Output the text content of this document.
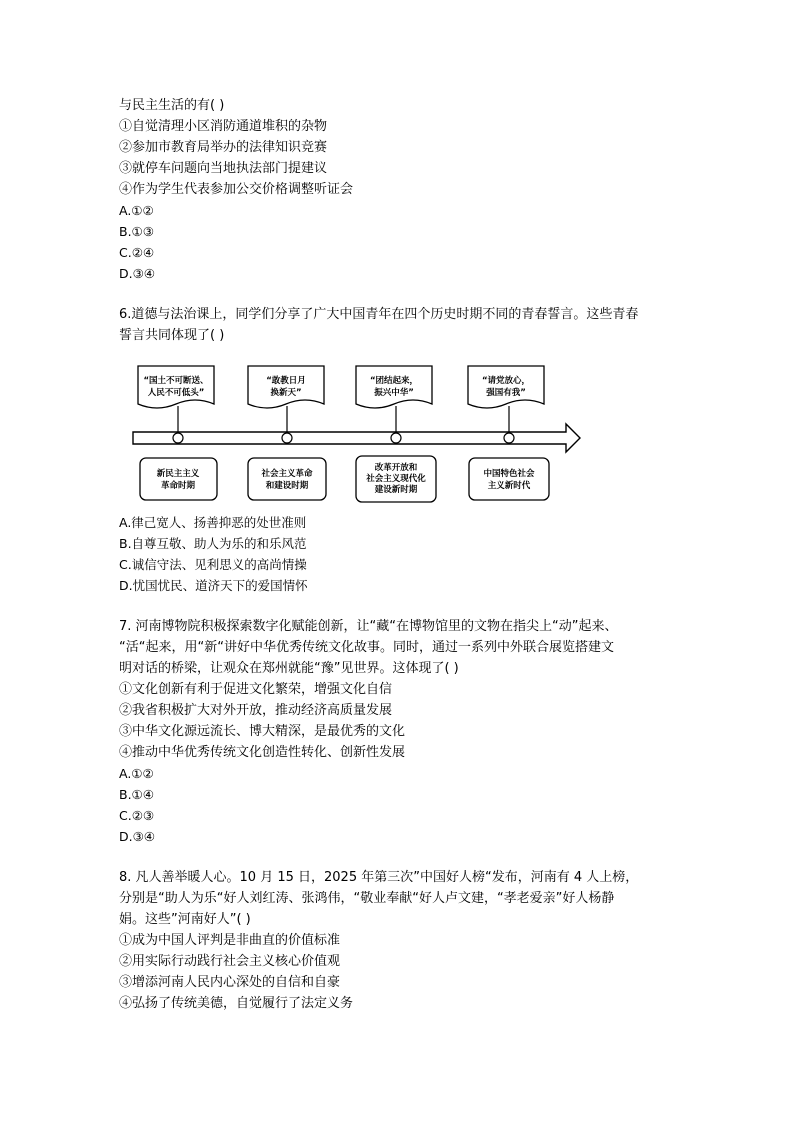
与民主生活的有( )
①自觉清理小区消防通道堆积的杂物
②参加市教育局举办的法律知识竞赛
③就停车问题向当地执法部门提建议
④作为学生代表参加公交价格调整听证会
A.①②
B.①③
C.②④
D.③④
6.道德与法治课上，同学们分享了广大中国青年在四个历史时期不同的青春誓言。这些青春
誓言共同体现了( )
“国土不可断送、
人民不可低头”
“敢教日月
换新天”
“团结起来，
振兴中华”
“请党放心，
强国有我”
新民主主义
革命时期
社会主义革命
和建设时期
改革开放和
社会主义现代化
建设新时期
中国特色社会
主义新时代
A.律己宽人、扬善抑恶的处世准则
B.自尊互敬、助人为乐的和乐风范
C.诚信守法、见利思义的高尚情操
D.忧国忧民、道济天下的爱国情怀
7. 河南博物院积极探索数字化赋能创新，让“藏“在博物馆里的文物在指尖上“动”起来、
“活“起来，用“新“讲好中华优秀传统文化故事。同时，通过一系列中外联合展览搭建文
明对话的桥梁，让观众在郑州就能“豫”见世界。这体现了( )
①文化创新有利于促进文化繁荣，增强文化自信
②我省积极扩大对外开放，推动经济高质量发展
③中华文化源远流长、博大精深，是最优秀的文化
④推动中华优秀传统文化创造性转化、创新性发展
A.①②
B.①④
C.②③
D.③④
8. 凡人善举暖人心。10 月 15 日，2025 年第三次”中国好人榜“发布，河南有 4 人上榜，
分别是“助人为乐“好人刘红涛、张鸿伟，“敬业奉献“好人卢文建，“孝老爱亲”好人杨静
娟。这些”河南好人”( )
①成为中国人评判是非曲直的价值标准
②用实际行动践行社会主义核心价值观
③增添河南人民内心深处的自信和自豪
④弘扬了传统美德，自觉履行了法定义务
